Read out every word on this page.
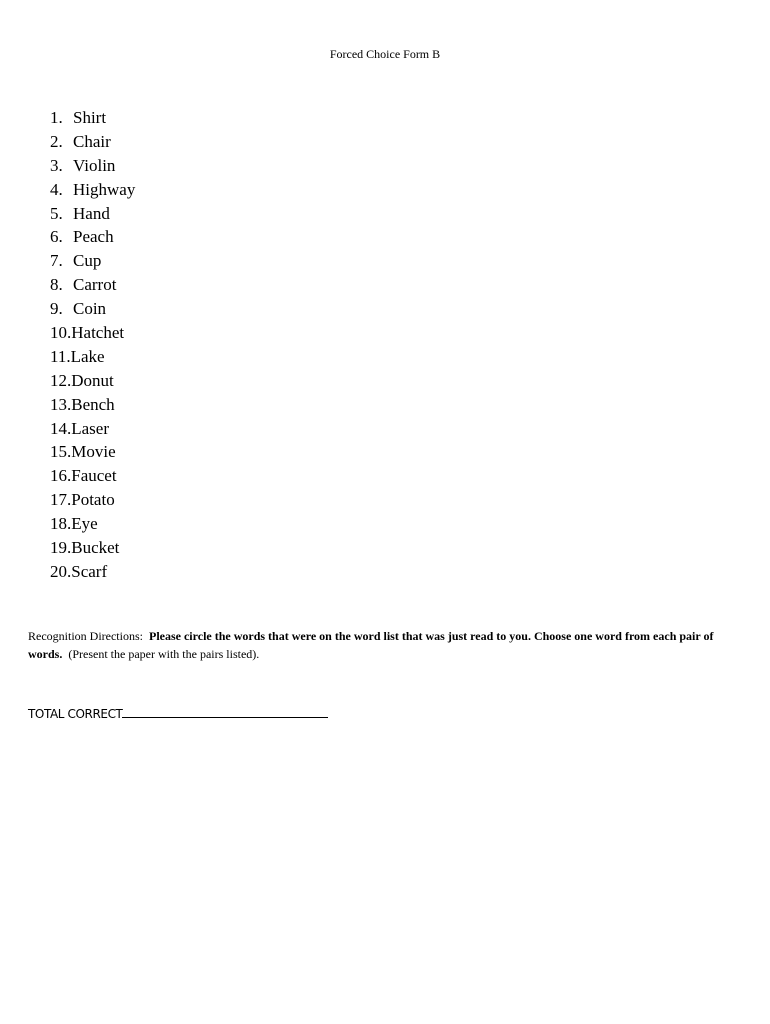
Forced Choice Form B
1. Shirt
2. Chair
3. Violin
4. Highway
5. Hand
6. Peach
7. Cup
8. Carrot
9. Coin
10.Hatchet
11.Lake
12.Donut
13.Bench
14.Laser
15.Movie
16.Faucet
17.Potato
18.Eye
19.Bucket
20.Scarf
Recognition Directions: Please circle the words that were on the word list that was just read to you. Choose one word from each pair of words. (Present the paper with the pairs listed).
TOTAL CORRECT
